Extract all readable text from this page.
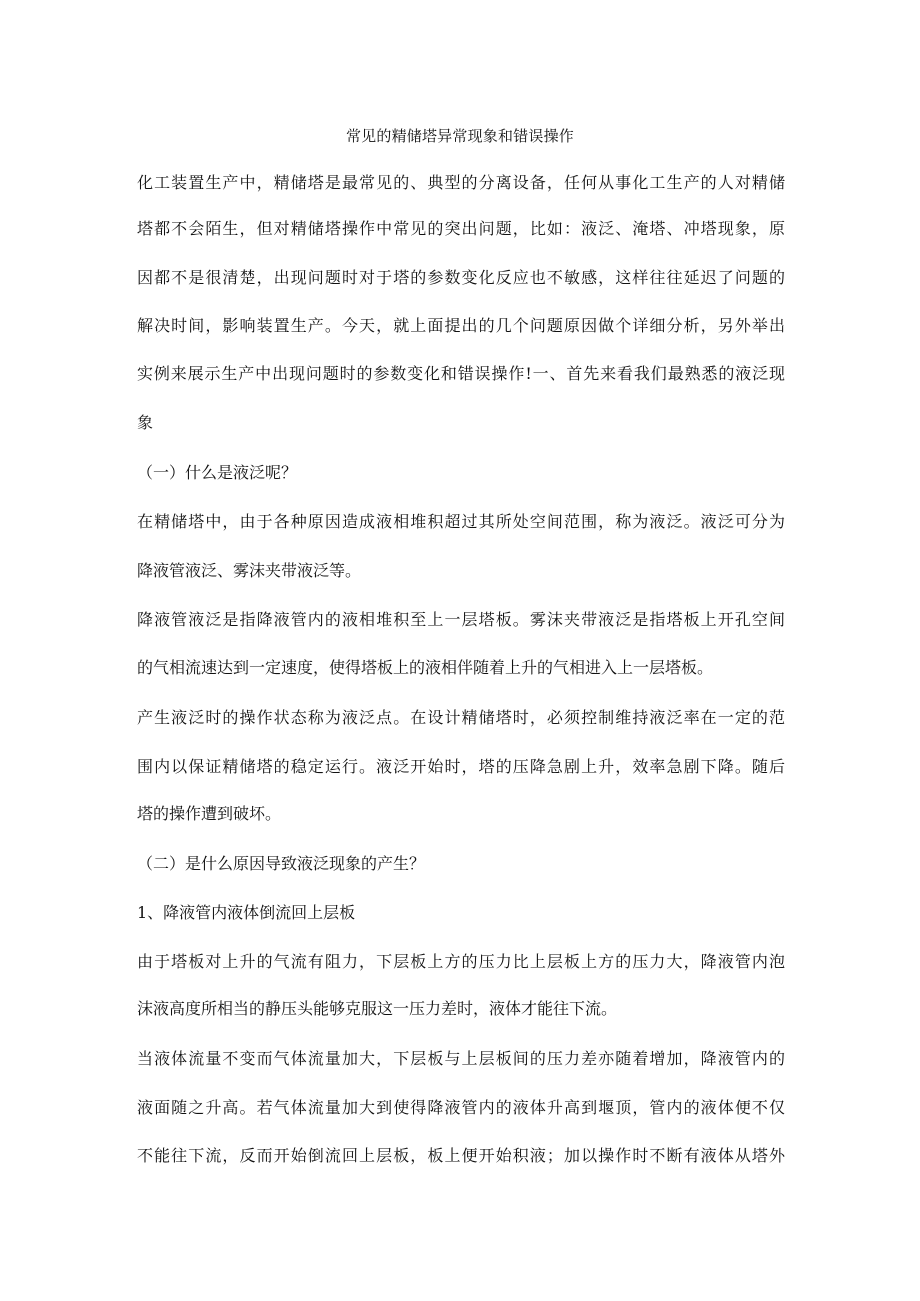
常见的精储塔异常现象和错误操作
化工装置生产中，精储塔是最常见的、典型的分离设备，任何从事化工生产的人对精储
塔都不会陌生，但对精储塔操作中常见的突出问题，比如：液泛、淹塔、冲塔现象，原
因都不是很清楚，出现问题时对于塔的参数变化反应也不敏感，这样往往延迟了问题的
解决时间，影响装置生产。今天，就上面提出的几个问题原因做个详细分析，另外举出
实例来展示生产中出现问题时的参数变化和错误操作!一、首先来看我们最熟悉的液泛现
象
（一）什么是液泛呢？
在精储塔中，由于各种原因造成液相堆积超过其所处空间范围，称为液泛。液泛可分为
降液管液泛、雾沫夹带液泛等。
降液管液泛是指降液管内的液相堆积至上一层塔板。雾沫夹带液泛是指塔板上开孔空间
的气相流速达到一定速度，使得塔板上的液相伴随着上升的气相进入上一层塔板。
产生液泛时的操作状态称为液泛点。在设计精储塔时，必须控制维持液泛率在一定的范
围内以保证精储塔的稳定运行。液泛开始时，塔的压降急剧上升，效率急剧下降。随后
塔的操作遭到破坏。
（二）是什么原因导致液泛现象的产生？
1、降液管内液体倒流回上层板
由于塔板对上升的气流有阻力，下层板上方的压力比上层板上方的压力大，降液管内泡
沫液高度所相当的静压头能够克服这一压力差时，液体才能往下流。
当液体流量不变而气体流量加大，下层板与上层板间的压力差亦随着增加，降液管内的
液面随之升高。若气体流量加大到使得降液管内的液体升高到堰顶，管内的液体便不仅
不能往下流，反而开始倒流回上层板，板上便开始积液；加以操作时不断有液体从塔外
